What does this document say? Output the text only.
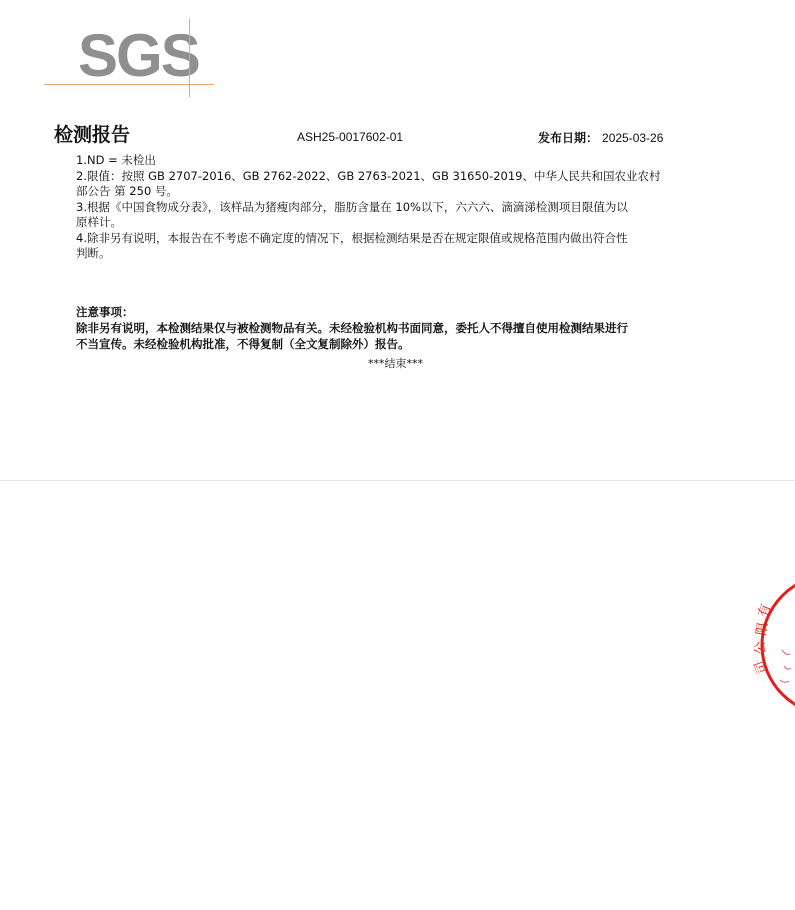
SGS
检测报告	ASH25-0017602-01	发布日期： 2025-03-26
1.ND = 未检出
2.限值：按照 GB 2707-2016、GB 2762-2022、GB 2763-2021、GB 31650-2019、中华人民共和国农业农村
部公告 第 250 号。
3.根据《中国食物成分表》，该样品为猪瘦肉部分，脂肪含量在 10%以下，六六六、滴滴涕检测项目限值为以
原样计。
4.除非另有说明，本报告在不考虑不确定度的情况下，根据检测结果是否在规定限值或规格范围内做出符合性
判断。
注意事项：
除非另有说明，本检测结果仅与被检测物品有关。未经检验机构书面同意，委托人不得擅自使用检测结果进行
不当宣传。未经检验机构批准，不得复制（全文复制除外）报告。
***结束***
有
限
公
司
